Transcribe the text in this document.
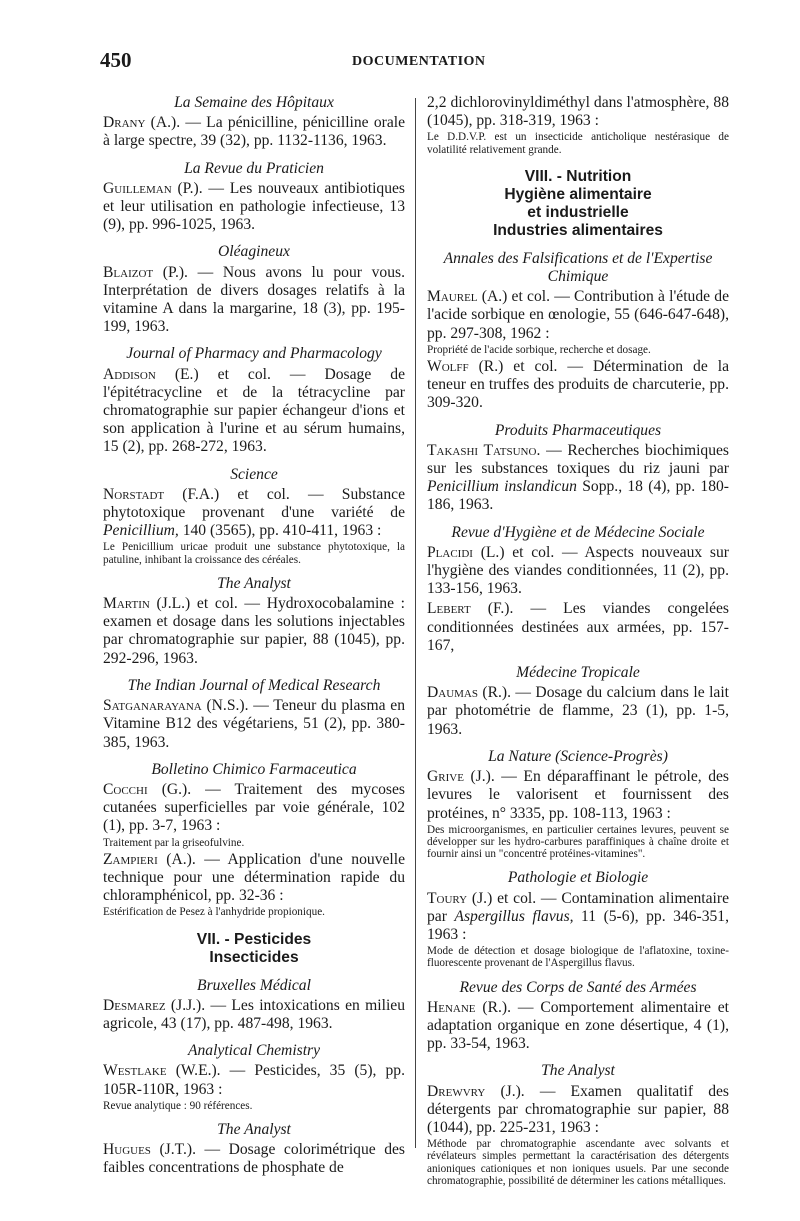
450	DOCUMENTATION

La Semaine des Hôpitaux

Drany (A.). — La pénicilline, pénicilline orale à large spectre, 39 (32), pp. 1132-1136, 1963.

La Revue du Praticien

Guilleman (P.). — Les nouveaux antibiotiques et leur utilisation en pathologie infectieuse, 13 (9), pp. 996-1025, 1963.

Oléagineux

Blaizot (P.). — Nous avons lu pour vous. Interprétation de divers dosages relatifs à la vitamine A dans la margarine, 18 (3), pp. 195-199, 1963.

Journal of Pharmacy and Pharmacology

Addison (E.) et col. — Dosage de l'épitétracycline et de la tétracycline par chromatographie sur papier échangeur d'ions et son application à l'urine et au sérum humains, 15 (2), pp. 268-272, 1963.

Science

Norstadt (F.A.) et col. — Substance phytotoxique provenant d'une variété de Penicillium, 140 (3565), pp. 410-411, 1963 :

Le Penicillium uricae produit une substance phytotoxique, la patuline, inhibant la croissance des céréales.

The Analyst

Martin (J.L.) et col. — Hydroxocobalamine : examen et dosage dans les solutions injectables par chromatographie sur papier, 88 (1045), pp. 292-296, 1963.

The Indian Journal of Medical Research

Satganarayana (N.S.). — Teneur du plasma en Vitamine B12 des végétariens, 51 (2), pp. 380-385, 1963.

Bolletino Chimico Farmaceutica

Cocchi (G.). — Traitement des mycoses cutanées superficielles par voie générale, 102 (1), pp. 3-7, 1963 :

Traitement par la griseofulvine.

Zampieri (A.). — Application d'une nouvelle technique pour une détermination rapide du chloramphénicol, pp. 32-36 :

Estérification de Pesez à l'anhydride propionique.

VII. - Pesticides

Insecticides

Bruxelles Médical

Desmarez (J.J.). — Les intoxications en milieu agricole, 43 (17), pp. 487-498, 1963.

Analytical Chemistry

Westlake (W.E.). — Pesticides, 35 (5), pp. 105R-110R, 1963 :

Revue analytique : 90 références.

The Analyst

Hugues (J.T.). — Dosage colorimétrique des faibles concentrations de phosphate de

2,2 dichlorovinyldiméthyl dans l'atmosphère, 88 (1045), pp. 318-319, 1963 :

Le D.D.V.P. est un insecticide anticholique nestérasique de volatilité relativement grande.

VIII. - Nutrition

Hygiène alimentaire

et industrielle

Industries alimentaires

Annales des Falsifications et de l'Expertise Chimique

Maurel (A.) et col. — Contribution à l'étude de l'acide sorbique en œnologie, 55 (646-647-648), pp. 297-308, 1962 :

Propriété de l'acide sorbique, recherche et dosage.

Wolff (R.) et col. — Détermination de la teneur en truffes des produits de charcuterie, pp. 309-320.

Produits Pharmaceutiques

Takashi Tatsuno. — Recherches biochimiques sur les substances toxiques du riz jauni par Penicillium inslandicun Sopp., 18 (4), pp. 180-186, 1963.

Revue d'Hygiène et de Médecine Sociale

Placidi (L.) et col. — Aspects nouveaux sur l'hygiène des viandes conditionnées, 11 (2), pp. 133-156, 1963.

Lebert (F.). — Les viandes congelées conditionnées destinées aux armées, pp. 157-167,

Médecine Tropicale

Daumas (R.). — Dosage du calcium dans le lait par photométrie de flamme, 23 (1), pp. 1-5, 1963.

La Nature (Science-Progrès)

Grive (J.). — En déparaffinant le pétrole, des levures le valorisent et fournissent des protéines, n° 3335, pp. 108-113, 1963 :

Des microorganismes, en particulier certaines levures, peuvent se développer sur les hydro-carbures paraffiniques à chaîne droite et fournir ainsi un "concentré protéines-vitamines".

Pathologie et Biologie

Toury (J.) et col. — Contamination alimentaire par Aspergillus flavus, 11 (5-6), pp. 346-351, 1963 :

Mode de détection et dosage biologique de l'aflatoxine, toxine-fluorescente provenant de l'Aspergillus flavus.

Revue des Corps de Santé des Armées

Henane (R.). — Comportement alimentaire et adaptation organique en zone désertique, 4 (1), pp. 33-54, 1963.

The Analyst

Drewvry (J.). — Examen qualitatif des détergents par chromatographie sur papier, 88 (1044), pp. 225-231, 1963 :

Méthode par chromatographie ascendante avec solvants et révélateurs simples permettant la caractérisation des détergents anioniques cationiques et non ioniques usuels. Par une seconde chromatographie, possibilité de déterminer les cations métalliques.
